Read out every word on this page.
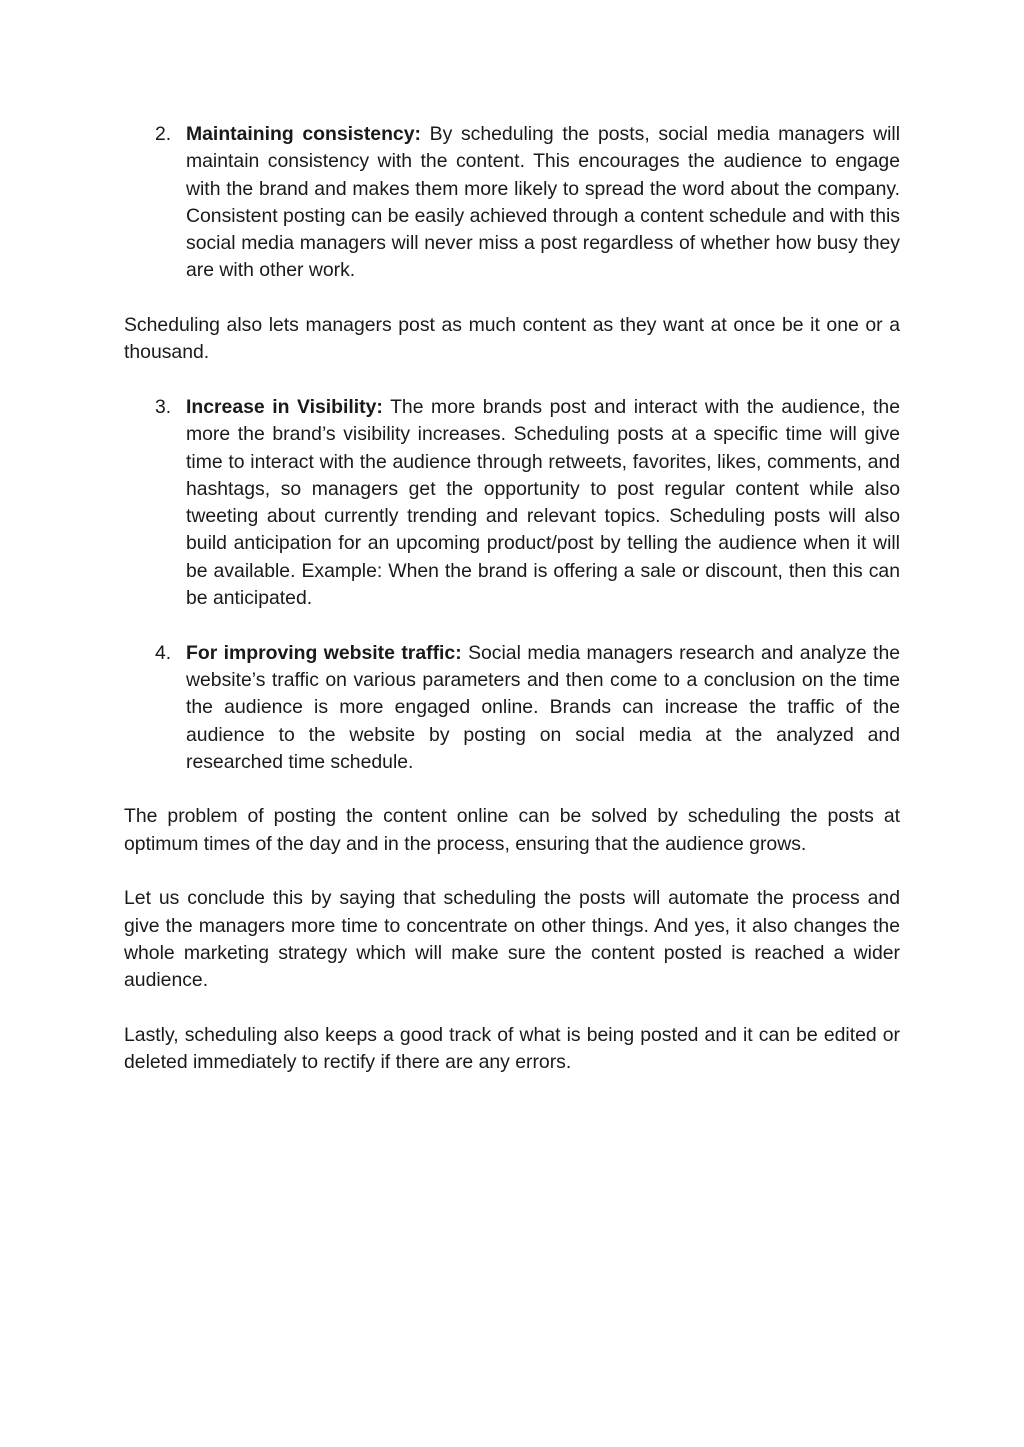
2. Maintaining consistency: By scheduling the posts, social media managers will maintain consistency with the content. This encourages the audience to engage with the brand and makes them more likely to spread the word about the company. Consistent posting can be easily achieved through a content schedule and with this social media managers will never miss a post regardless of whether how busy they are with other work.

Scheduling also lets managers post as much content as they want at once be it one or a thousand.

3. Increase in Visibility: The more brands post and interact with the audience, the more the brand’s visibility increases. Scheduling posts at a specific time will give time to interact with the audience through retweets, favorites, likes, comments, and hashtags, so managers get the opportunity to post regular content while also tweeting about currently trending and relevant topics. Scheduling posts will also build anticipation for an upcoming product/post by telling the audience when it will be available. Example: When the brand is offering a sale or discount, then this can be anticipated.
4. For improving website traffic: Social media managers research and analyze the website’s traffic on various parameters and then come to a conclusion on the time the audience is more engaged online. Brands can increase the traffic of the audience to the website by posting on social media at the analyzed and researched time schedule.

The problem of posting the content online can be solved by scheduling the posts at optimum times of the day and in the process, ensuring that the audience grows.

Let us conclude this by saying that scheduling the posts will automate the process and give the managers more time to concentrate on other things. And yes, it also changes the whole marketing strategy which will make sure the content posted is reached a wider audience.

Lastly, scheduling also keeps a good track of what is being posted and it can be edited or deleted immediately to rectify if there are any errors.
